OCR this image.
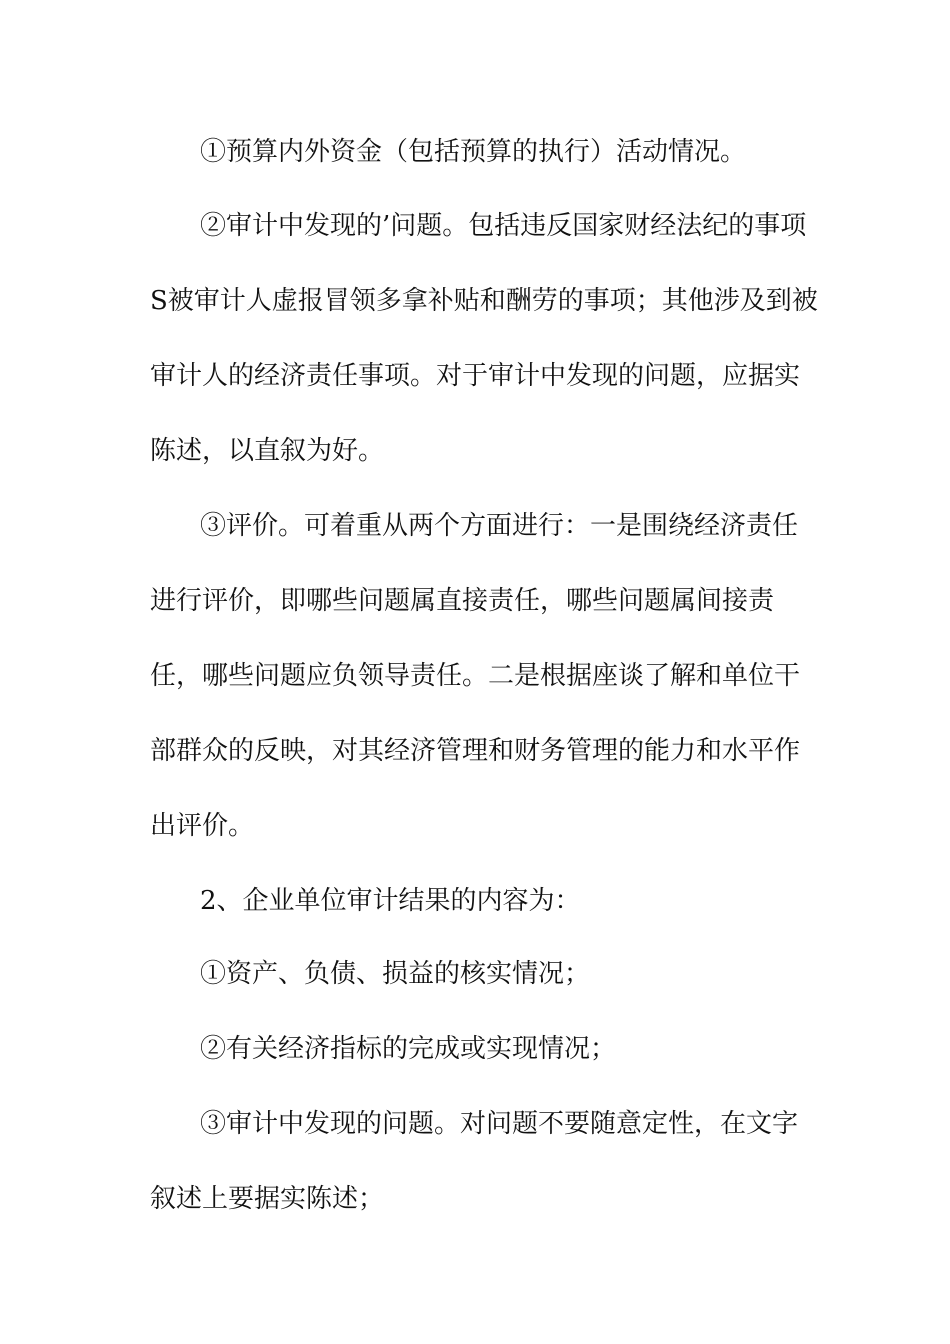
①预算内外资金（包括预算的执行）活动情况。

②审计中发现的’问题。包括违反国家财经法纪的事项

S被审计人虚报冒领多拿补贴和酬劳的事项；其他涉及到被

审计人的经济责任事项。对于审计中发现的问题，应据实

陈述，以直叙为好。

③评价。可着重从两个方面进行：一是围绕经济责任

进行评价，即哪些问题属直接责任，哪些问题属间接责

任，哪些问题应负领导责任。二是根据座谈了解和单位干

部群众的反映，对其经济管理和财务管理的能力和水平作

出评价。

2、企业单位审计结果的内容为：

①资产、负债、损益的核实情况；

②有关经济指标的完成或实现情况；

③审计中发现的问题。对问题不要随意定性，在文字

叙述上要据实陈述；
